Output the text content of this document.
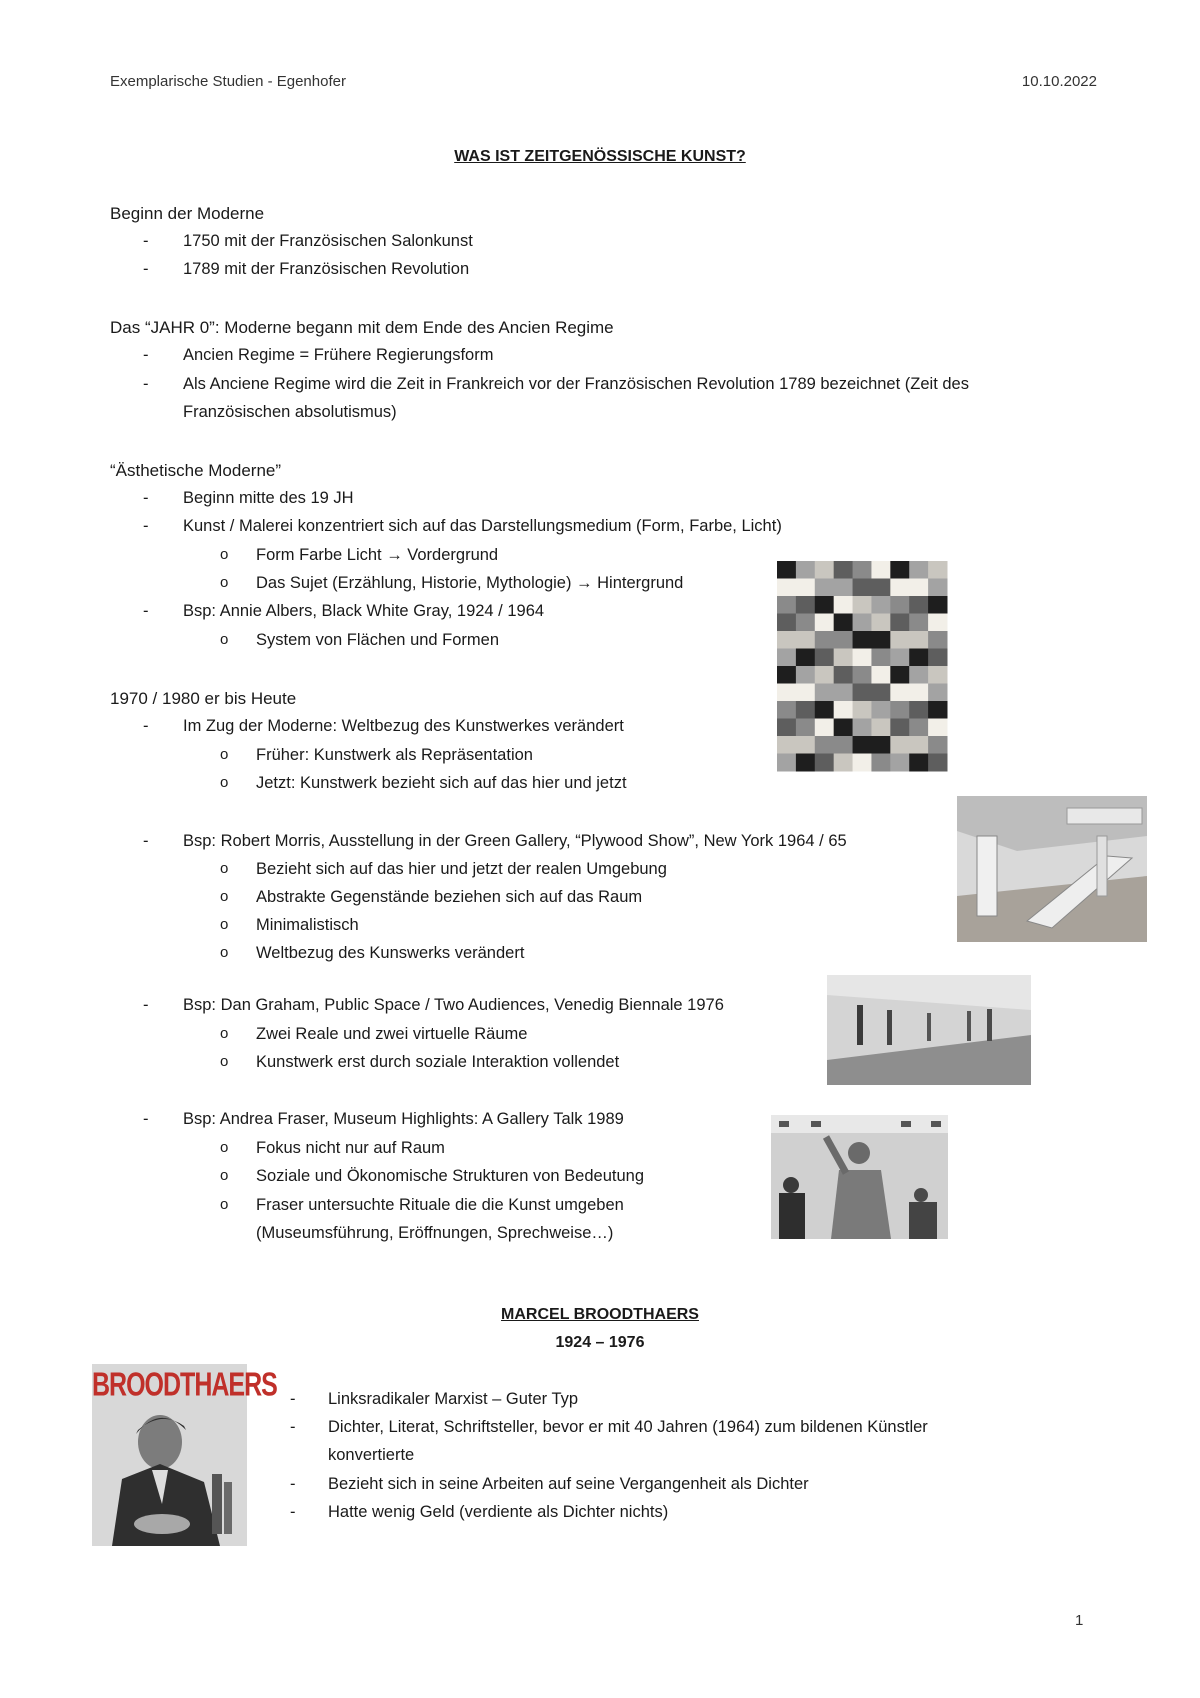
Exemplarische Studien - Egenhofer	10.10.2022
WAS IST ZEITGENÖSSISCHE KUNST?
Beginn der Moderne
-	1750 mit der Französischen Salonkunst
-	1789 mit der Französischen Revolution
Das “JAHR 0”: Moderne begann mit dem Ende des Ancien Regime
-	Ancien Regime = Frühere Regierungsform
-	Als Anciene Regime wird die Zeit in Frankreich vor der Französischen Revolution 1789 bezeichnet (Zeit des
Französischen absolutismus)
“Ästhetische Moderne”
-	Beginn mitte des 19 JH
-	Kunst / Malerei konzentriert sich auf das Darstellungsmedium (Form, Farbe, Licht)
o	Form Farbe Licht → Vordergrund
o	Das Sujet (Erzählung, Historie, Mythologie) → Hintergrund
-	Bsp: Annie Albers, Black White Gray, 1924 / 1964
o	System von Flächen und Formen
1970 / 1980 er bis Heute
-	Im Zug der Moderne: Weltbezug des Kunstwerkes verändert
o	Früher: Kunstwerk als Repräsentation
o	Jetzt: Kunstwerk bezieht sich auf das hier und jetzt
-	Bsp: Robert Morris, Ausstellung in der Green Gallery, “Plywood Show”, New York 1964 / 65
o	Bezieht sich auf das hier und jetzt der realen Umgebung
o	Abstrakte Gegenstände beziehen sich auf das Raum
o	Minimalistisch
o	Weltbezug des Kunswerks verändert
-	Bsp: Dan Graham, Public Space / Two Audiences, Venedig Biennale 1976
o	Zwei Reale und zwei virtuelle Räume
o	Kunstwerk erst durch soziale Interaktion vollendet
-	Bsp: Andrea Fraser, Museum Highlights: A Gallery Talk 1989
o	Fokus nicht nur auf Raum
o	Soziale und Ökonomische Strukturen von Bedeutung
o	Fraser untersuchte Rituale die die Kunst umgeben
(Museumsführung, Eröffnungen, Sprechweise…)
MARCEL BROODTHAERS
1924 – 1976
BROODTHAERS -	Linksradikaler Marxist – Guter Typ
-	Dichter, Literat, Schriftsteller, bevor er mit 40 Jahren (1964) zum bildenen Künstler
konvertierte
-	Bezieht sich in seine Arbeiten auf seine Vergangenheit als Dichter
-	Hatte wenig Geld (verdiente als Dichter nichts)
1
